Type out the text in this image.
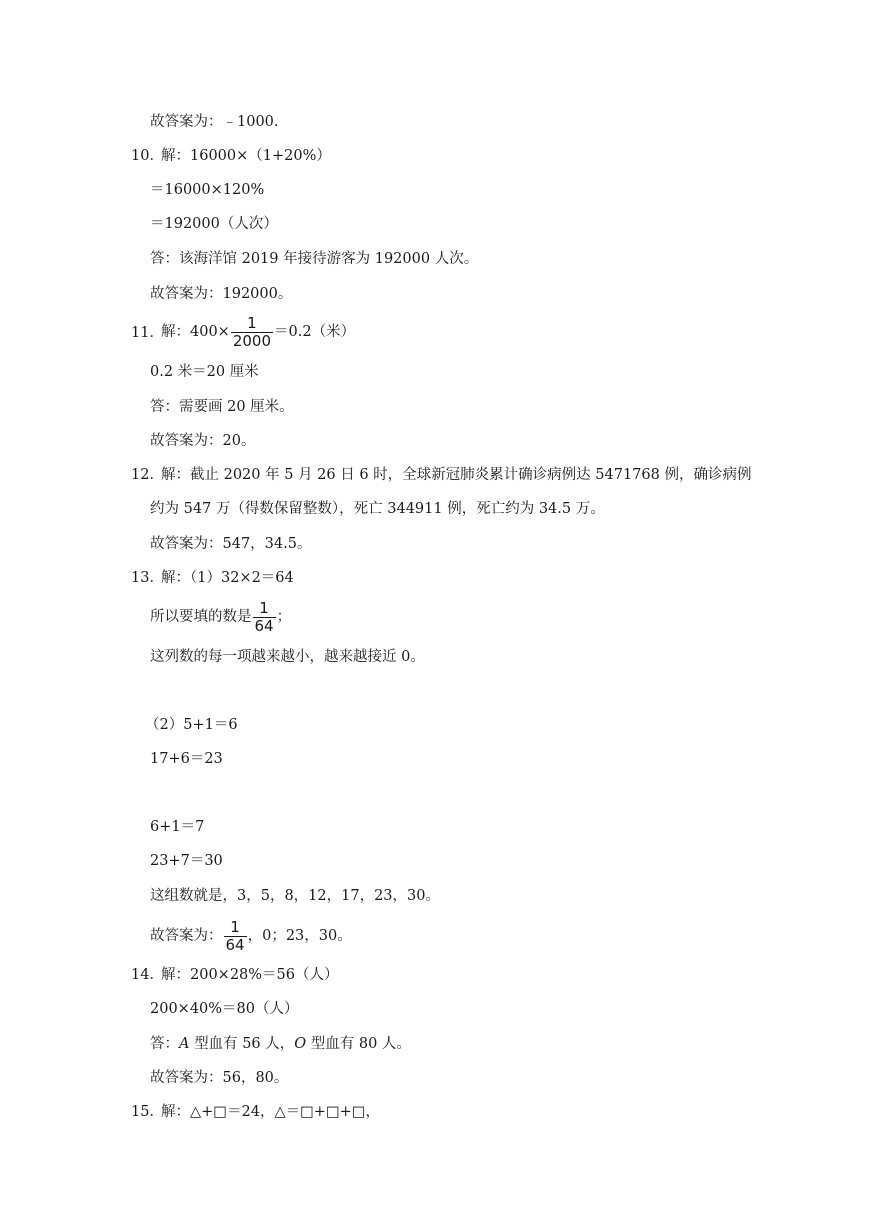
故答案为：﹣1000.
10．
解：16000×（1+20%）
＝16000×120%
＝192000（人次）
答：该海洋馆 2019 年接待游客为 192000 人次。
故答案为：192000。
11．
解：$400\times \frac{1}{2000} =0.2$（米）
0.2 米＝20 厘米
答：需要画 20 厘米。
故答案为：20。
12．
解：截止 2020 年 5 月 26 日 6 时，全球新冠肺炎累计确诊病例达 5471768 例，确诊病例
约为 547 万（得数保留整数），死亡 344911 例，死亡约为 34.5 万。
故答案为：547，34.5。
13．
解：（1）32×2＝64
所以要填的数是 $\frac{1}{64}$ ；
这列数的每一项越来越小，越来越接近 0。
（2）5+1＝6
17+6＝23
6+1＝7
23+7＝30
这组数就是，3，5，8，12，17，23，30。
故答案为： $\frac{1}{64}$ ，0；23，30。
14．
解：200×28%＝56（人）
200×40%＝80（人）
答：A 型血有 56 人，O 型血有 80 人。
故答案为：56，80。
15．
解：△+□＝24，△＝□+□+□，
